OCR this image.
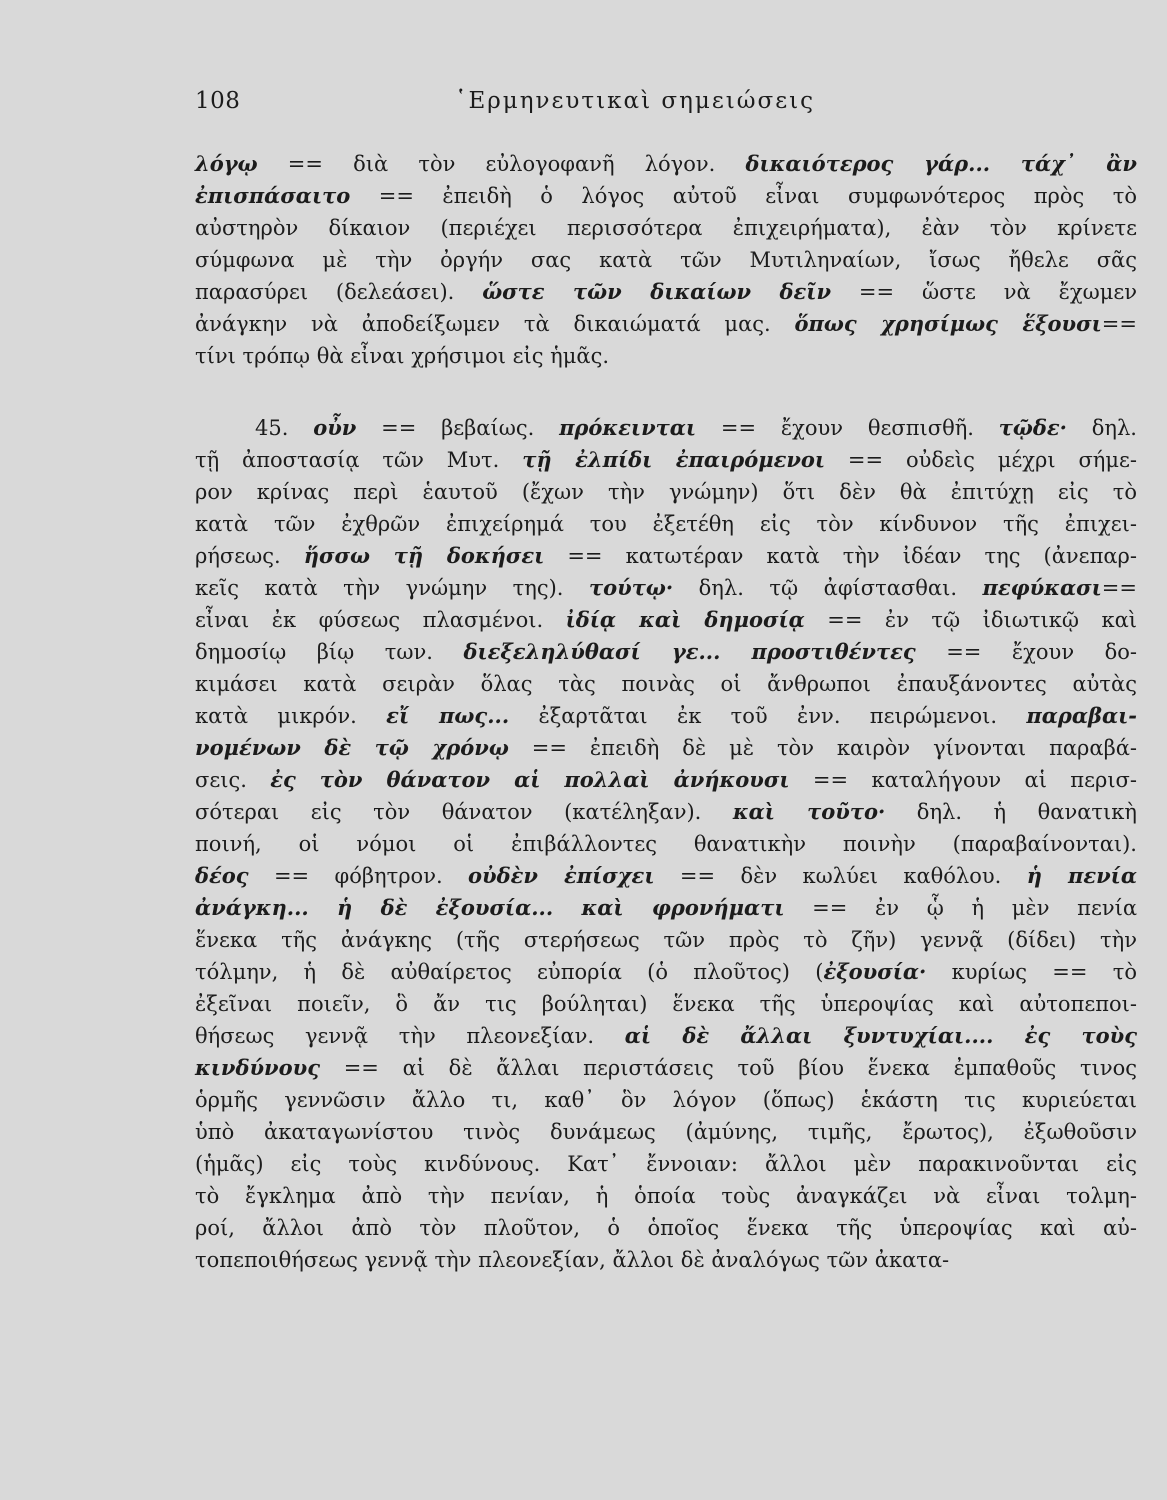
108	῾Ερμηνευτικαὶ σημειώσεις
λόγῳ == διὰ τὸν εὐλογοφανῆ λόγον. δικαιότερος γάρ... τάχ᾽ ἂν
ἐπισπάσαιτο == ἐπειδὴ ὁ λόγος αὐτοῦ εἶναι συμφωνότερος πρὸς τὸ
αὐστηρὸν δίκαιον (περιέχει περισσότερα ἐπιχειρήματα), ἐὰν τὸν κρίνετε
σύμφωνα μὲ τὴν ὀργήν σας κατὰ τῶν Μυτιληναίων, ἴσως ἤθελε σᾶς
παρασύρει (δελεάσει). ὥστε τῶν δικαίων δεῖν == ὥστε νὰ ἔχωμεν
ἀνάγκην νὰ ἀποδείξωμεν τὰ δικαιώματά μας. ὅπως χρησίμως ἕξουσι==
τίνι τρόπῳ θὰ εἶναι χρήσιμοι εἰς ἡμᾶς.
45. οὖν == βεβαίως. πρόκεινται == ἔχουν θεσπισθῆ. τῷδε· δηλ.
τῇ ἀποστασίᾳ τῶν Μυτ. τῇ ἐλπίδι ἐπαιρόμενοι == οὐδεὶς μέχρι σήμε-
ρον κρίνας περὶ ἑαυτοῦ (ἔχων τὴν γνώμην) ὅτι δὲν θὰ ἐπιτύχῃ εἰς τὸ
κατὰ τῶν ἐχθρῶν ἐπιχείρημά του ἐξετέθη εἰς τὸν κίνδυνον τῆς ἐπιχει-
ρήσεως. ἥσσω τῇ δοκήσει == κατωτέραν κατὰ τὴν ἰδέαν της (ἀνεπαρ-
κεῖς κατὰ τὴν γνώμην της). τούτῳ· δηλ. τῷ ἀφίστασθαι. πεφύκασι==
εἶναι ἐκ φύσεως πλασμένοι. ἰδίᾳ καὶ δημοσίᾳ == ἐν τῷ ἰδιωτικῷ καὶ
δημοσίῳ βίῳ των. διεξεληλύθασί γε... προστιθέντες == ἔχουν δο-
κιμάσει κατὰ σειρὰν ὅλας τὰς ποινὰς οἱ ἄνθρωποι ἐπαυξάνοντες αὐτὰς
κατὰ μικρόν. εἴ πως... ἐξαρτᾶται ἐκ τοῦ ἐνν. πειρώμενοι. παραβαι-
νομένων δὲ τῷ χρόνῳ == ἐπειδὴ δὲ μὲ τὸν καιρὸν γίνονται παραβά-
σεις. ἐς τὸν θάνατον αἱ πολλαὶ ἀνήκουσι == καταλήγουν αἱ περισ-
σότεραι εἰς τὸν θάνατον (κατέληξαν). καὶ τοῦτο· δηλ. ἡ θανατικὴ
ποινή, οἱ νόμοι οἱ ἐπιβάλλοντες θανατικὴν ποινὴν (παραβαίνονται).
δέος == φόβητρον. οὐδὲν ἐπίσχει == δὲν κωλύει καθόλου. ἡ πενία
ἀνάγκη... ἡ δὲ ἐξουσία... καὶ φρονήματι == ἐν ᾧ ἡ μὲν πενία
ἕνεκα τῆς ἀνάγκης (τῆς στερήσεως τῶν πρὸς τὸ ζῆν) γεννᾷ (δίδει) τὴν
τόλμην, ἡ δὲ αὐθαίρετος εὐπορία (ὁ πλοῦτος) (ἐξουσία· κυρίως == τὸ
ἐξεῖναι ποιεῖν, ὃ ἄν τις βούληται) ἕνεκα τῆς ὑπεροψίας καὶ αὐτοπεποι-
θήσεως γεννᾷ τὴν πλεονεξίαν. αἱ δὲ ἄλλαι ξυντυχίαι.... ἐς τοὺς
κινδύνους == αἱ δὲ ἄλλαι περιστάσεις τοῦ βίου ἕνεκα ἐμπαθοῦς τινος
ὁρμῆς γεννῶσιν ἄλλο τι, καθ᾽ ὃν λόγον (ὅπως) ἑκάστη τις κυριεύεται
ὑπὸ ἀκαταγωνίστου τινὸς δυνάμεως (ἀμύνης, τιμῆς, ἔρωτος), ἐξωθοῦσιν
(ἡμᾶς) εἰς τοὺς κινδύνους. Κατ᾽ ἔννοιαν: ἄλλοι μὲν παρακινοῦνται εἰς
τὸ ἔγκλημα ἀπὸ τὴν πενίαν, ἡ ὁποία τοὺς ἀναγκάζει νὰ εἶναι τολμη-
ροί, ἄλλοι ἀπὸ τὸν πλοῦτον, ὁ ὁποῖος ἕνεκα τῆς ὑπεροψίας καὶ αὐ-
τοπεποιθήσεως γεννᾷ τὴν πλεονεξίαν, ἄλλοι δὲ ἀναλόγως τῶν ἀκατα-
